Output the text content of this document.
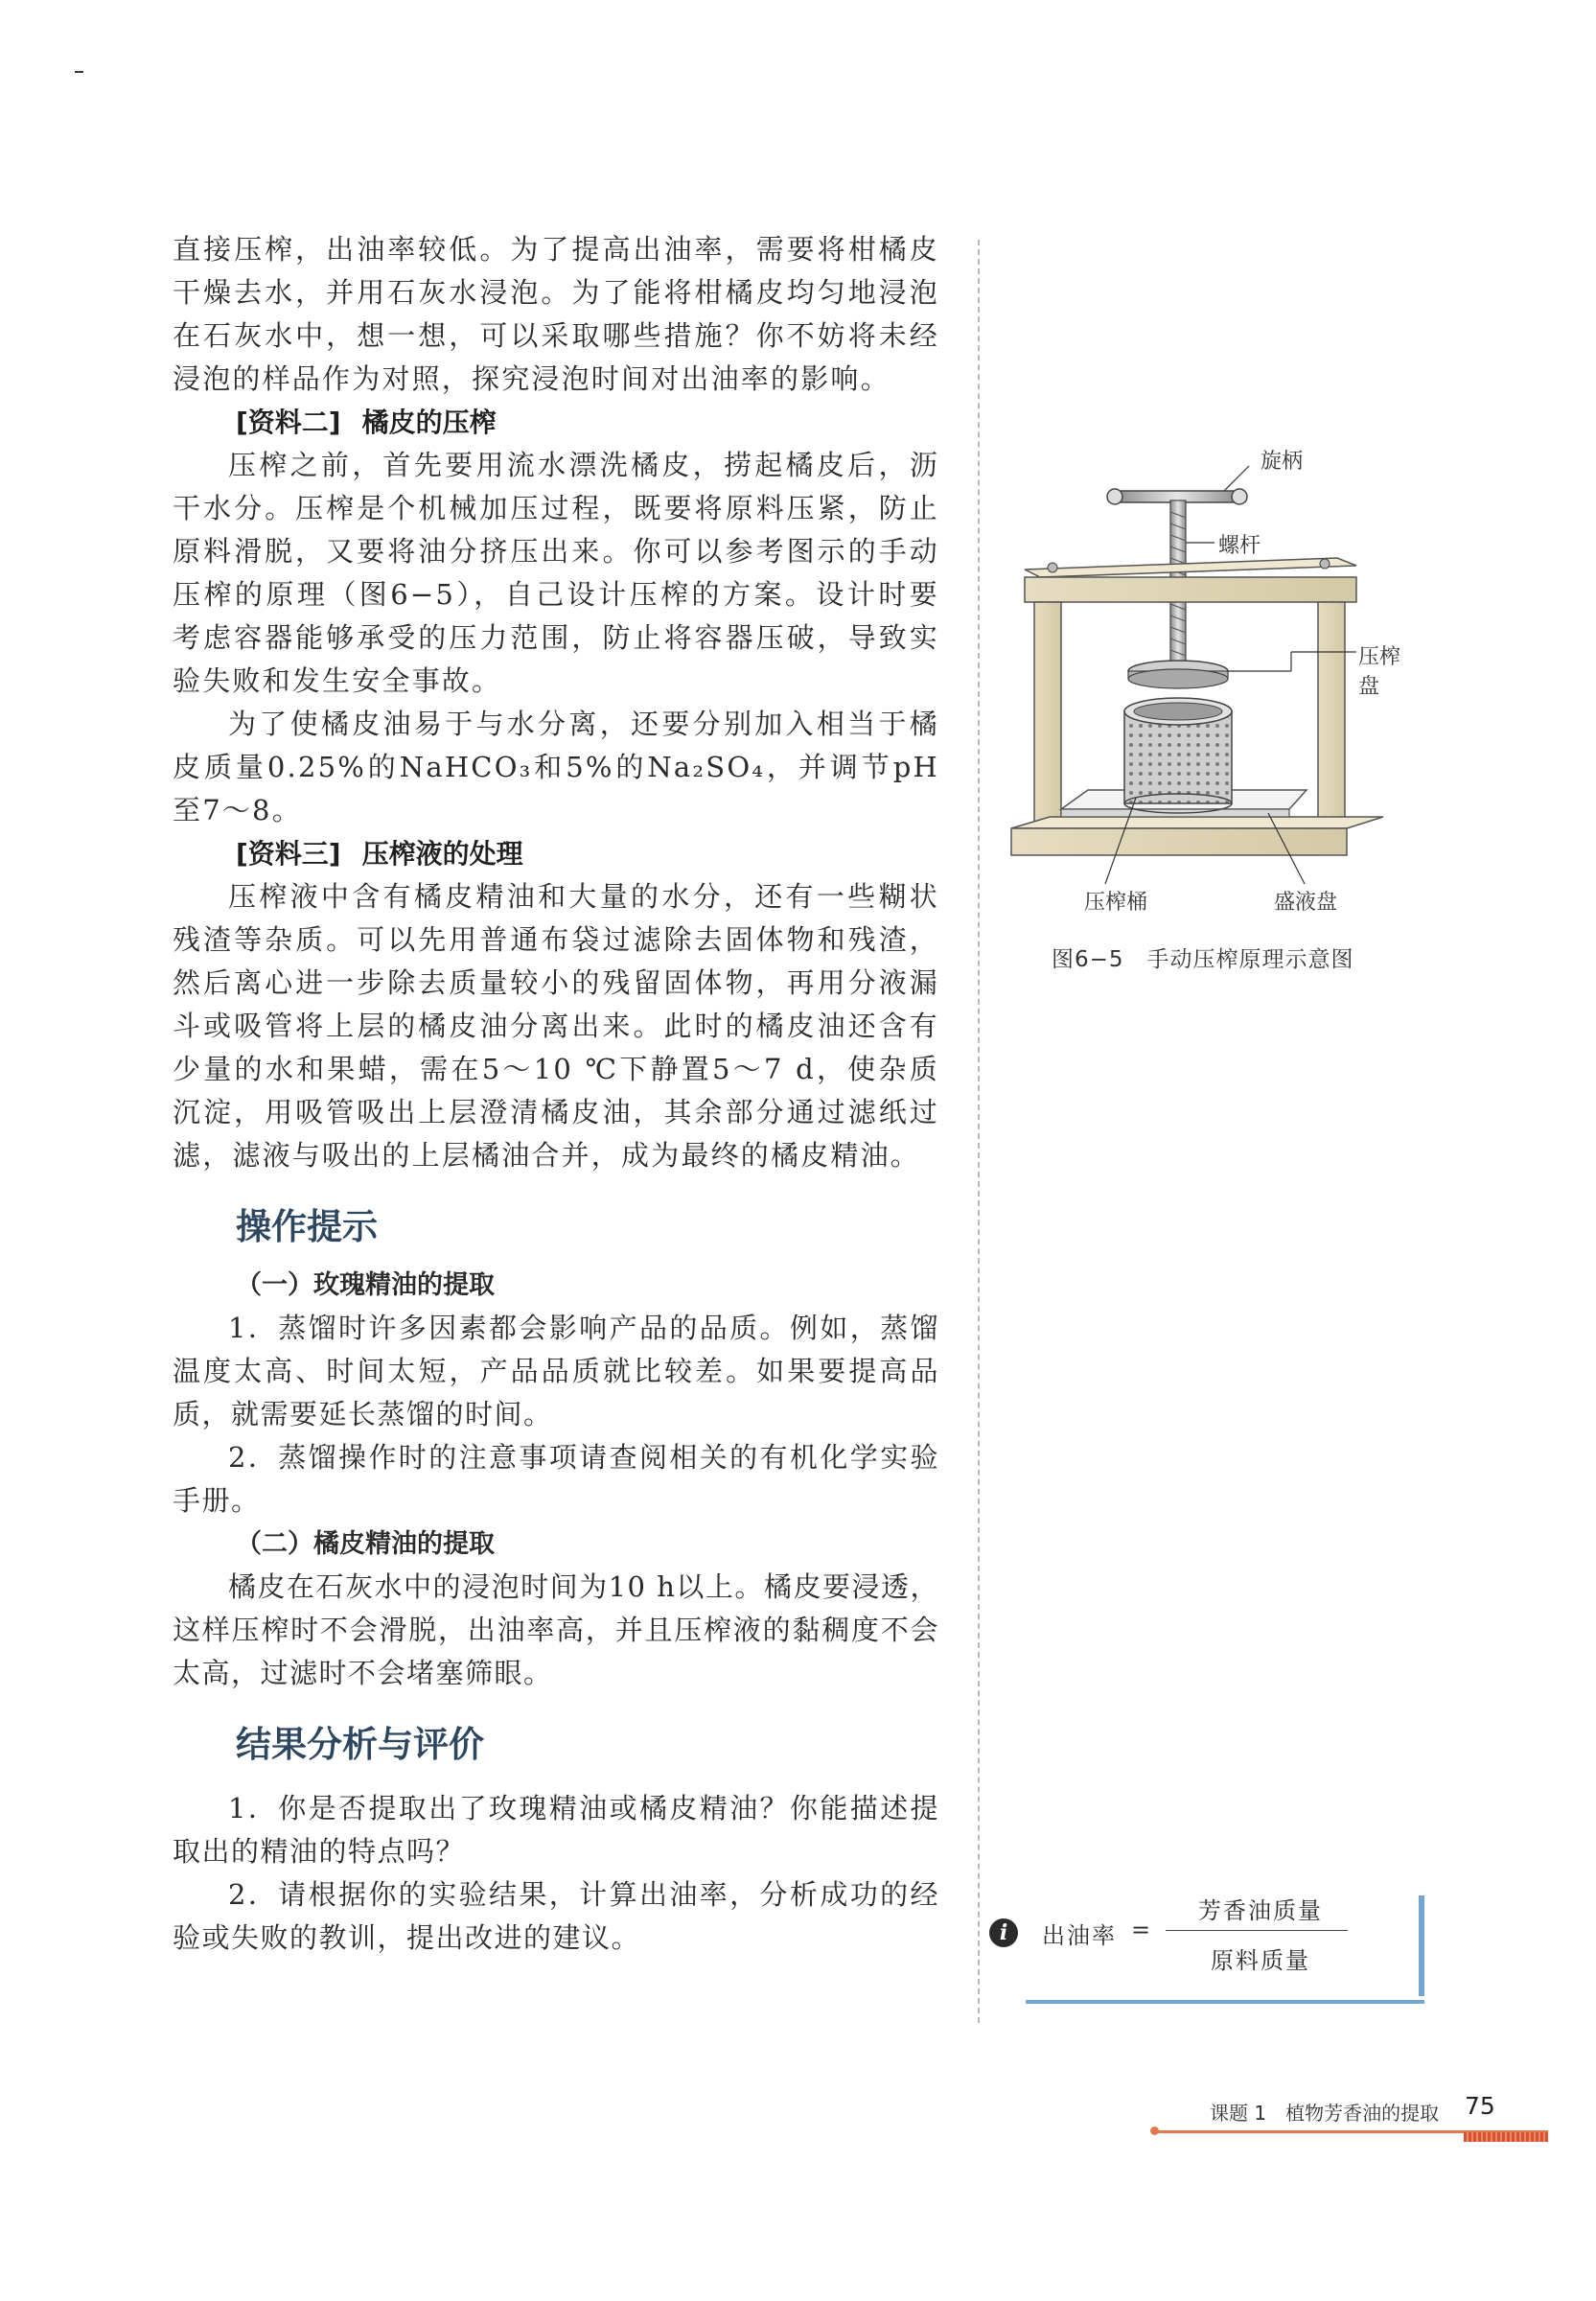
直接压榨，出油率较低。为了提高出油率，需要将柑橘皮干燥去水，并用石灰水浸泡。为了能将柑橘皮均匀地浸泡在石灰水中，想一想，可以采取哪些措施？你不妨将未经浸泡的样品作为对照，探究浸泡时间对出油率的影响。

[资料二] 橘皮的压榨

压榨之前，首先要用流水漂洗橘皮，捞起橘皮后，沥干水分。压榨是个机械加压过程，既要将原料压紧，防止原料滑脱，又要将油分挤压出来。你可以参考图示的手动压榨的原理（图6−5），自己设计压榨的方案。设计时要考虑容器能够承受的压力范围，防止将容器压破，导致实验失败和发生安全事故。

为了使橘皮油易于与水分离，还要分别加入相当于橘皮质量0.25%的NaHCO₃和5%的Na₂SO₄，并调节pH至7～8。

[资料三] 压榨液的处理

压榨液中含有橘皮精油和大量的水分，还有一些糊状残渣等杂质。可以先用普通布袋过滤除去固体物和残渣，然后离心进一步除去质量较小的残留固体物，再用分液漏斗或吸管将上层的橘皮油分离出来。此时的橘皮油还含有少量的水和果蜡，需在5～10 ℃下静置5～7 d，使杂质沉淀，用吸管吸出上层澄清橘皮油，其余部分通过滤纸过滤，滤液与吸出的上层橘油合并，成为最终的橘皮精油。

操作提示

（一）玫瑰精油的提取

1．蒸馏时许多因素都会影响产品的品质。例如，蒸馏温度太高、时间太短，产品品质就比较差。如果要提高品质，就需要延长蒸馏的时间。

2．蒸馏操作时的注意事项请查阅相关的有机化学实验手册。

（二）橘皮精油的提取

橘皮在石灰水中的浸泡时间为10 h以上。橘皮要浸透，这样压榨时不会滑脱，出油率高，并且压榨液的黏稠度不会太高，过滤时不会堵塞筛眼。

结果分析与评价

1．你是否提取出了玫瑰精油或橘皮精油？你能描述提取出的精油的特点吗？

2．请根据你的实验结果，计算出油率，分析成功的经验或失败的教训，提出改进的建议。

旋柄
螺杆
压榨盘
压榨桶	盛液盘
图6−5　手动压榨原理示意图
i	出油率 =
芳香油质量
原料质量
课题 1　植物芳香油的提取 75
